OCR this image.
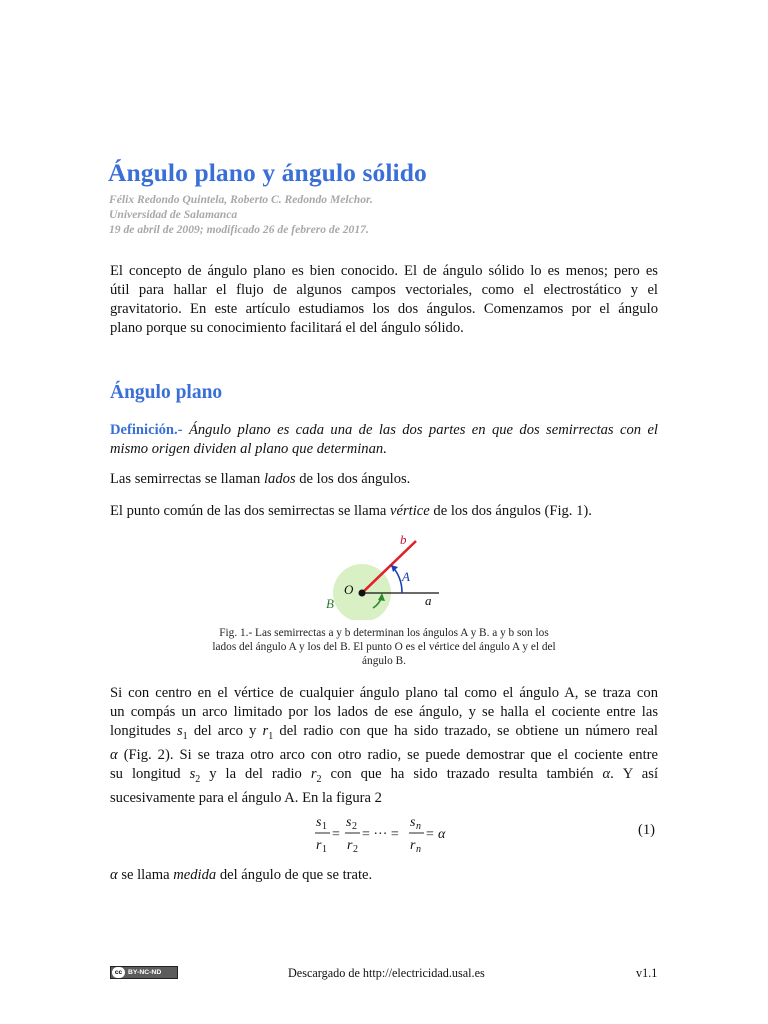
Ángulo plano y ángulo sólido
Félix Redondo Quintela, Roberto C. Redondo Melchor.
Universidad de Salamanca
19 de abril de 2009; modificado 26 de febrero de 2017.
El concepto de ángulo plano es bien conocido. El de ángulo sólido lo es menos; pero es
útil para hallar el flujo de algunos campos vectoriales, como el electrostático y el
gravitatorio. En este artículo estudiamos los dos ángulos. Comenzamos por el ángulo
plano porque su conocimiento facilitará el del ángulo sólido.
Ángulo plano
Definición.- Ángulo plano es cada una de las dos partes en que dos semirrectas con el
mismo origen dividen al plano que determinan.
Las semirrectas se llaman lados de los dos ángulos.
El punto común de las dos semirrectas se llama vértice de los dos ángulos (Fig. 1).
b
A
O
a
B
Fig. 1.- Las semirrectas a y b determinan los ángulos A y B. a y b son los
lados del ángulo A y los del B. El punto O es el vértice del ángulo A y el del
ángulo B.
Si con centro en el vértice de cualquier ángulo plano tal como el ángulo A, se traza con
un compás un arco limitado por los lados de ese ángulo, y se halla el cociente entre las
longitudes $s_1$ del arco y $r_1$ del radio con que ha sido trazado, se obtiene un número real
α (Fig. 2). Si se traza otro arco con otro radio, se puede demostrar que el cociente entre
su longitud $s_2$ y la del radio $r_2$ con que ha sido trazado resulta también α. Y así
sucesivamente para el ángulo A. En la figura 2
s 1
r 1
=
s 2
r 2
= ··· =
s n
r n
= α	(1)
α se llama medida del ángulo de que se trate.
cc BY-NC-ND	Descargado de http://electricidad.usal.es	v1.1
